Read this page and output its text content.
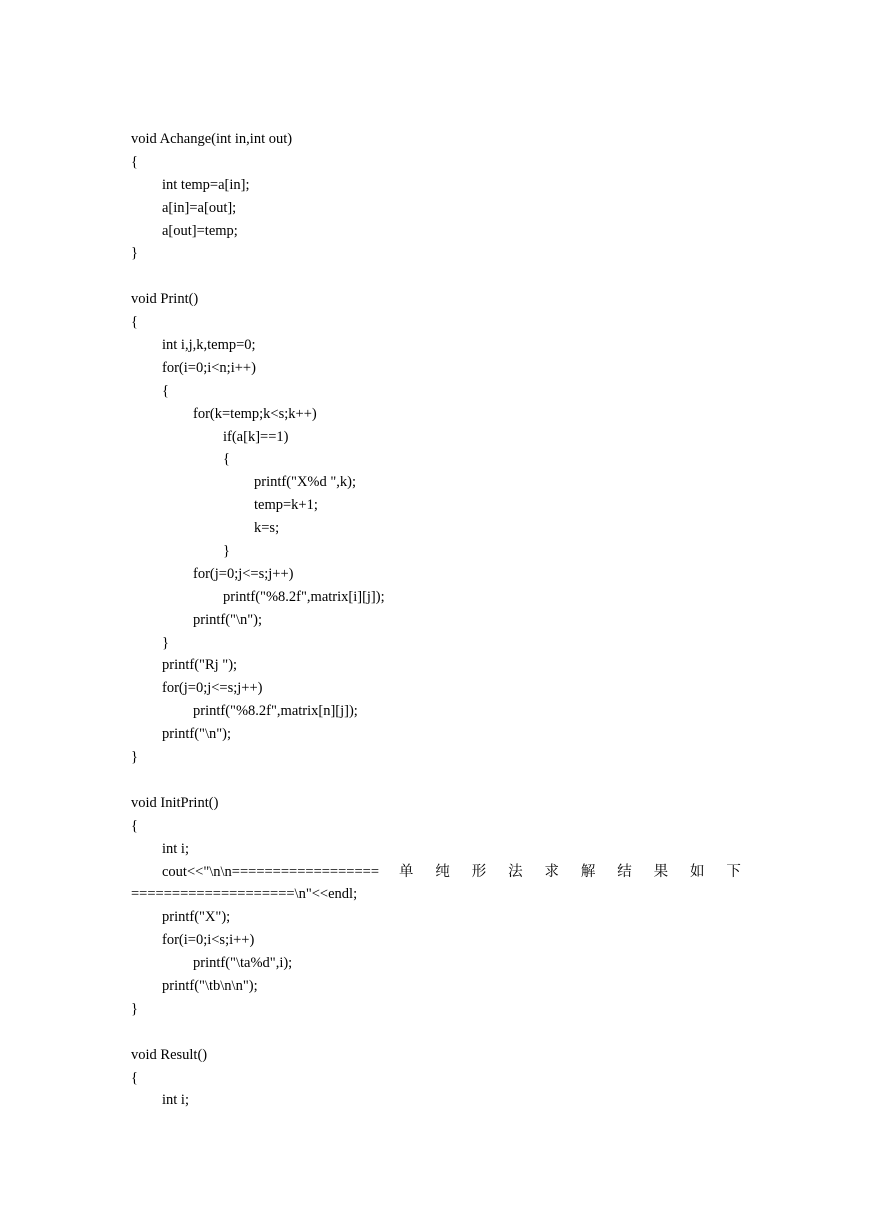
void Achange(int in,int out)
{
int temp=a[in];
a[in]=a[out];
a[out]=temp;
}
void Print()
{
int i,j,k,temp=0;
for(i=0;i<n;i++)
{
for(k=temp;k<s;k++)
if(a[k]==1)
{
printf("X%d ",k);
temp=k+1;
k=s;
}
for(j=0;j<=s;j++)
printf("%8.2f",matrix[i][j]);
printf("\n");
}
printf("Rj ");
for(j=0;j<=s;j++)
printf("%8.2f",matrix[n][j]);
printf("\n");
}
void InitPrint()
{
int i;
cout<<"\n\n================== 单 纯 形 法 求 解 结 果 如 下
====================\n"<<endl;
printf("X");
for(i=0;i<s;i++)
printf("\ta%d",i);
printf("\tb\n\n");
}
void Result()
{
int i;
